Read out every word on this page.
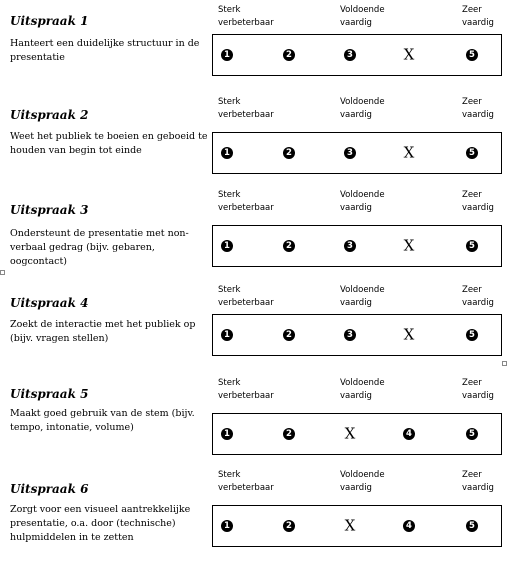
Uitspraak 1
Hanteert een duidelijke structuur in de presentatie
Sterk
verbeterbaar
Voldoende
vaardig
Zeer
vaardig
1	2	3	X	5
Uitspraak 2
Weet het publiek te boeien en geboeid te houden van begin tot einde
Sterk
verbeterbaar
Voldoende
vaardig
Zeer
vaardig
1	2	3	X	5
Uitspraak 3
Ondersteunt de presentatie met non-verbaal gedrag (bijv. gebaren, oogcontact)
Sterk
verbeterbaar
Voldoende
vaardig
Zeer
vaardig
1	2	3	X	5
Uitspraak 4
Zoekt de interactie met het publiek op (bijv. vragen stellen)
Sterk
verbeterbaar
Voldoende
vaardig
Zeer
vaardig
1	2	3	X	5
Uitspraak 5
Maakt goed gebruik van de stem (bijv. tempo, intonatie, volume)
Sterk
verbeterbaar
Voldoende
vaardig
Zeer
vaardig
1	2	X	4	5
Uitspraak 6
Zorgt voor een visueel aantrekkelijke presentatie, o.a. door (technische) hulpmiddelen in te zetten
Sterk
verbeterbaar
Voldoende
vaardig
Zeer
vaardig
1	2	X	4	5
